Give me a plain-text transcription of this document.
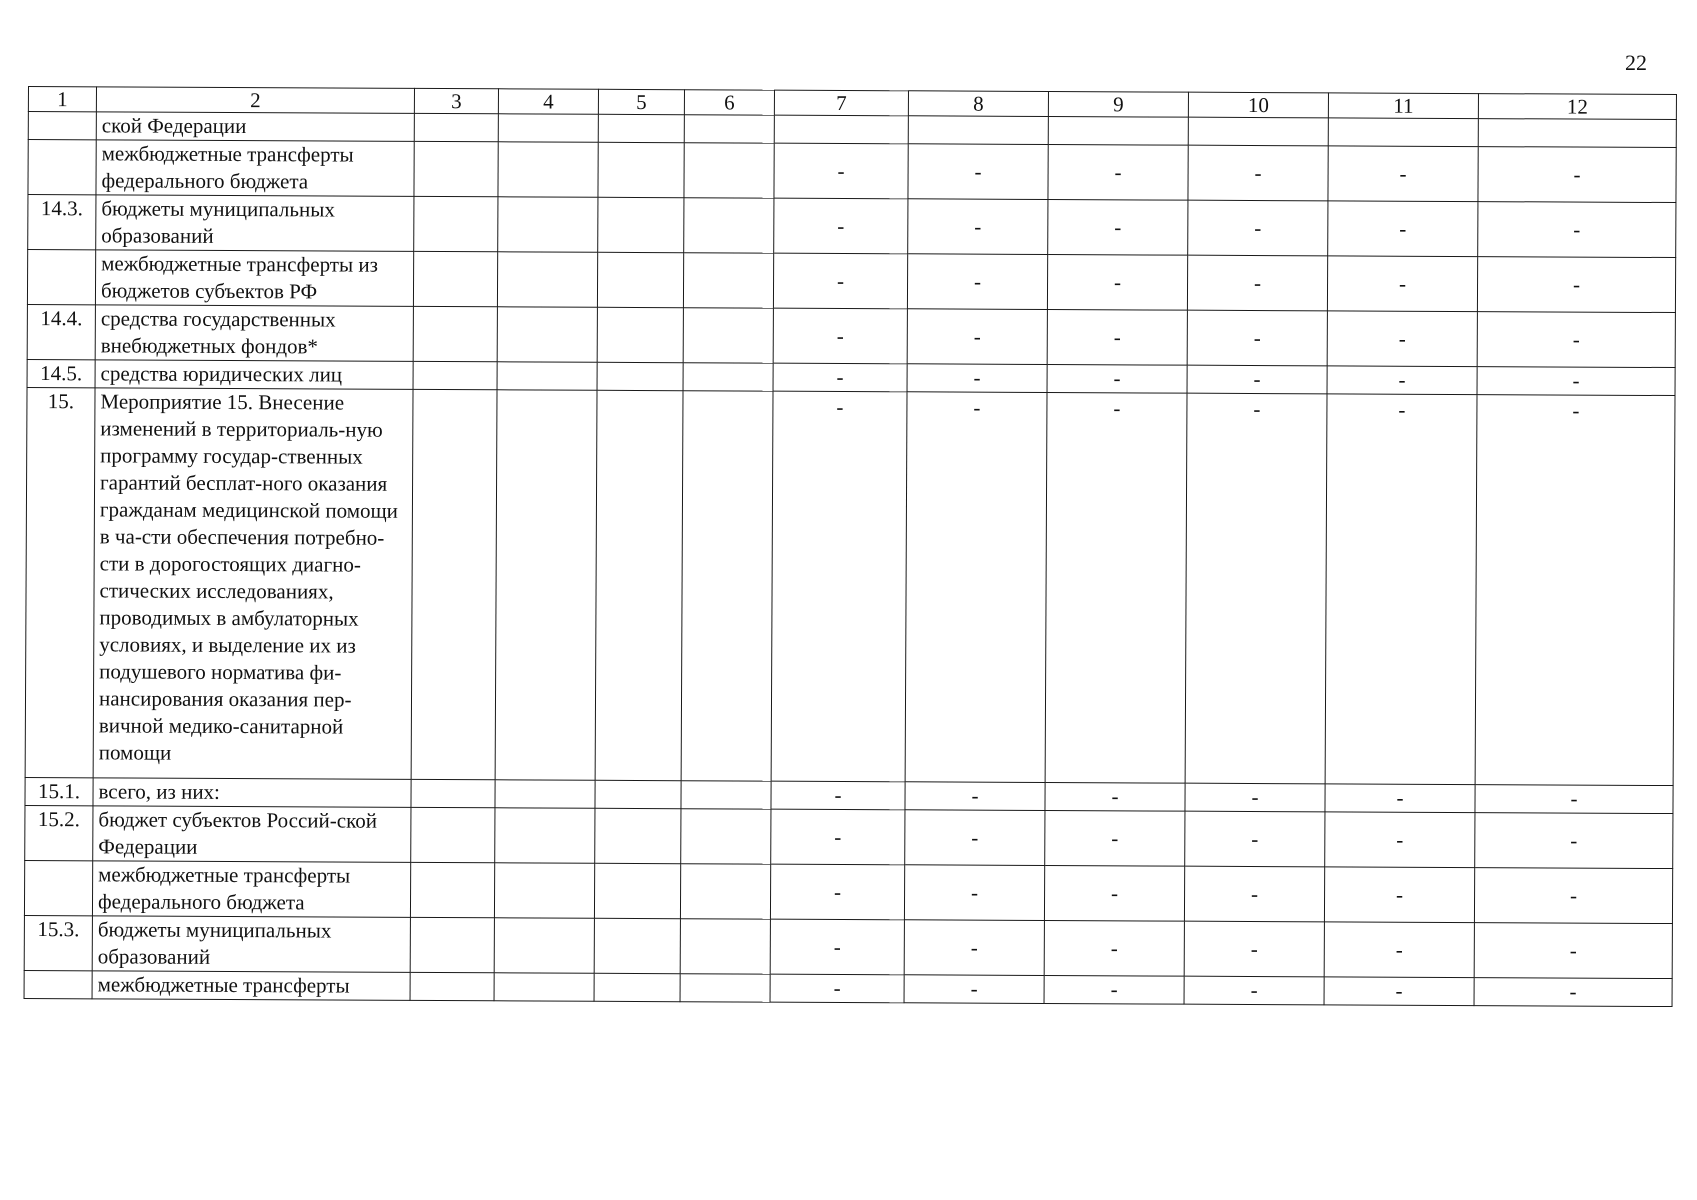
22
1	2	3	4	5	6	7	8	9	10	11	12
	ской Федерации										
	межбюджетные трансферты федерального бюджета					-	-	-	-	-	-
14.3.	бюджеты муниципальных образований					-	-	-	-	-	-
	межбюджетные трансферты из бюджетов субъектов РФ					-	-	-	-	-	-
14.4.	средства государственных внебюджетных фондов*					-	-	-	-	-	-
14.5.	средства юридических лиц					-	-	-	-	-	-
15.	Мероприятие 15. Внесение изменений в территориаль-ную программу государ-ственных гарантий бесплат-ного оказания гражданам медицинской помощи в ча-сти обеспечения потребно-сти в дорогостоящих диагно-стических исследованиях, проводимых в амбулаторных условиях, и выделение их из подушевого норматива фи-нансирования оказания пер-вичной медико-санитарной помощи					-	-	-	-	-	-
15.1.	всего, из них:					-	-	-	-	-	-
15.2.	бюджет субъектов Россий-ской Федерации					-	-	-	-	-	-
	межбюджетные трансферты федерального бюджета					-	-	-	-	-	-
15.3.	бюджеты муниципальных образований					-	-	-	-	-	-
	межбюджетные трансферты					-	-	-	-	-	-
